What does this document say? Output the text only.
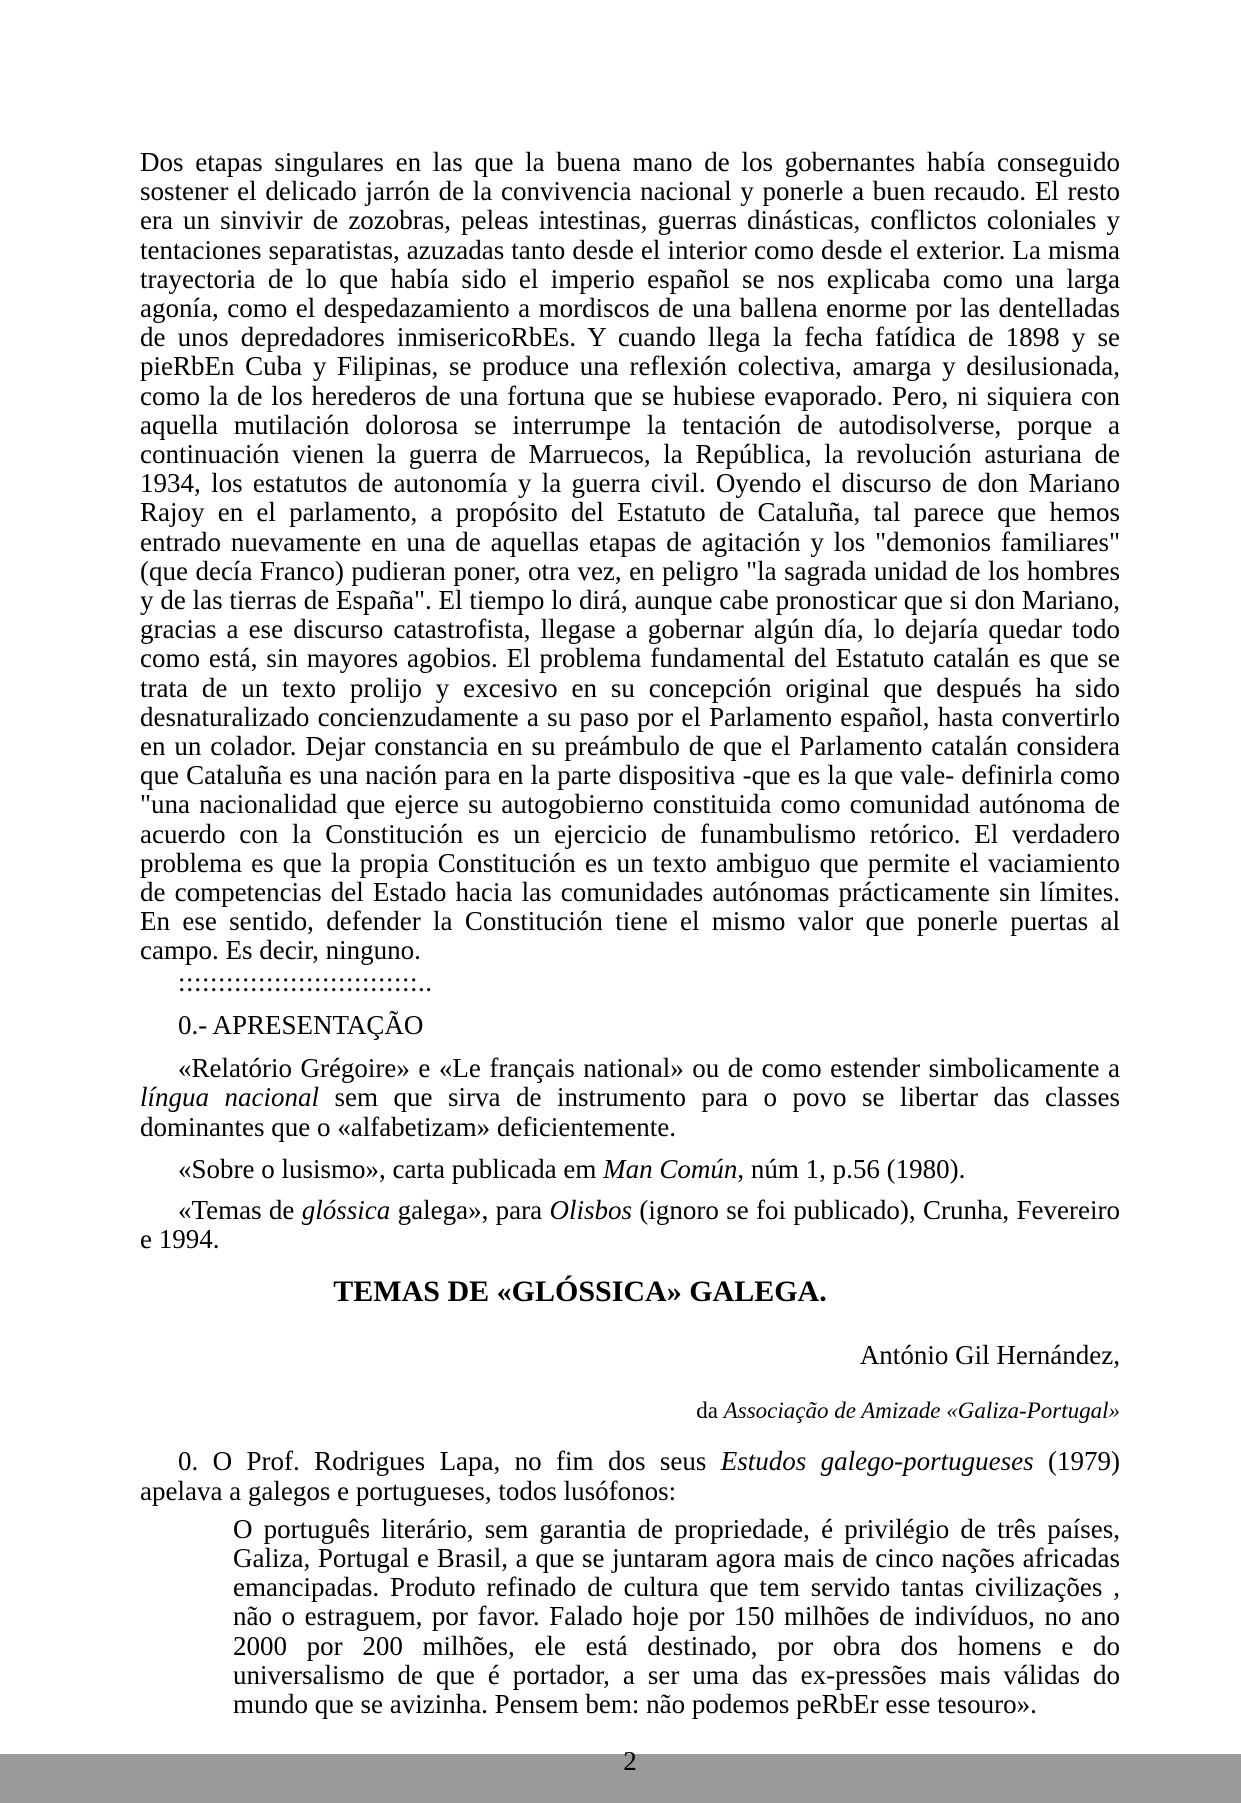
Dos etapas singulares en las que la buena mano de los gobernantes había conseguido sostener el delicado jarrón de la convivencia nacional y ponerle a buen recaudo. El resto era un sinvivir de zozobras, peleas intestinas, guerras dinásticas, conflictos coloniales y tentaciones separatistas, azuzadas tanto desde el interior como desde el exterior. La misma trayectoria de lo que había sido el imperio español se nos explicaba como una larga agonía, como el despedazamiento a mordiscos de una ballena enorme por las dentelladas de unos depredadores inmisericoRbEs. Y cuando llega la fecha fatídica de 1898 y se pieRbEn Cuba y Filipinas, se produce una reflexión colectiva, amarga y desilusionada, como la de los herederos de una fortuna que se hubiese evaporado. Pero, ni siquiera con aquella mutilación dolorosa se interrumpe la tentación de autodisolverse, porque a continuación vienen la guerra de Marruecos, la República, la revolución asturiana de 1934, los estatutos de autonomía y la guerra civil. Oyendo el discurso de don Mariano Rajoy en el parlamento, a propósito del Estatuto de Cataluña, tal parece que hemos entrado nuevamente en una de aquellas etapas de agitación y los "demonios familiares" (que decía Franco) pudieran poner, otra vez, en peligro "la sagrada unidad de los hombres y de las tierras de España". El tiempo lo dirá, aunque cabe pronosticar que si don Mariano, gracias a ese discurso catastrofista, llegase a gobernar algún día, lo dejaría quedar todo como está, sin mayores agobios. El problema fundamental del Estatuto catalán es que se trata de un texto prolijo y excesivo en su concepción original que después ha sido desnaturalizado concienzudamente a su paso por el Parlamento español, hasta convertirlo en un colador. Dejar constancia en su preámbulo de que el Parlamento catalán considera que Cataluña es una nación para en la parte dispositiva -que es la que vale- definirla como "una nacionalidad que ejerce su autogobierno constituida como comunidad autónoma de acuerdo con la Constitución es un ejercicio de funambulismo retórico. El verdadero problema es que la propia Constitución es un texto ambiguo que permite el vaciamiento de competencias del Estado hacia las comunidades autónomas prácticamente sin límites. En ese sentido, defender la Constitución tiene el mismo valor que ponerle puertas al campo. Es decir, ninguno.

::::::::::::::::::::::::::::::..

0.- APRESENTAÇÃO

«Relatório Grégoire» e «Le français national» ou de como estender simbolicamente a língua nacional sem que sirva de instrumento para o povo se libertar das classes dominantes que o «alfabetizam» deficientemente.

«Sobre o lusismo», carta publicada em Man Común, núm 1, p.56 (1980).

«Temas de glóssica galega», para Olisbos (ignoro se foi publicado), Crunha, Fevereiro e 1994.

TEMAS DE «GLÓSSICA» GALEGA.

António Gil Hernández,

da Associação de Amizade «Galiza-Portugal»

0. O Prof. Rodrigues Lapa, no fim dos seus Estudos galego-portugueses (1979) apelava a galegos e portugueses, todos lusófonos:

O português literário, sem garantia de propriedade, é privilégio de três países, Galiza, Portugal e Brasil, a que se juntaram agora mais de cinco nações africadas emancipadas. Produto refinado de cultura que tem servido tantas civilizações , não o estraguem, por favor. Falado hoje por 150 milhões de indivíduos, no ano 2000 por 200 milhões, ele está destinado, por obra dos homens e do universalismo de que é portador, a ser uma das ex-pressões mais válidas do mundo que se avizinha. Pensem bem: não podemos peRbEr esse tesouro».

2
